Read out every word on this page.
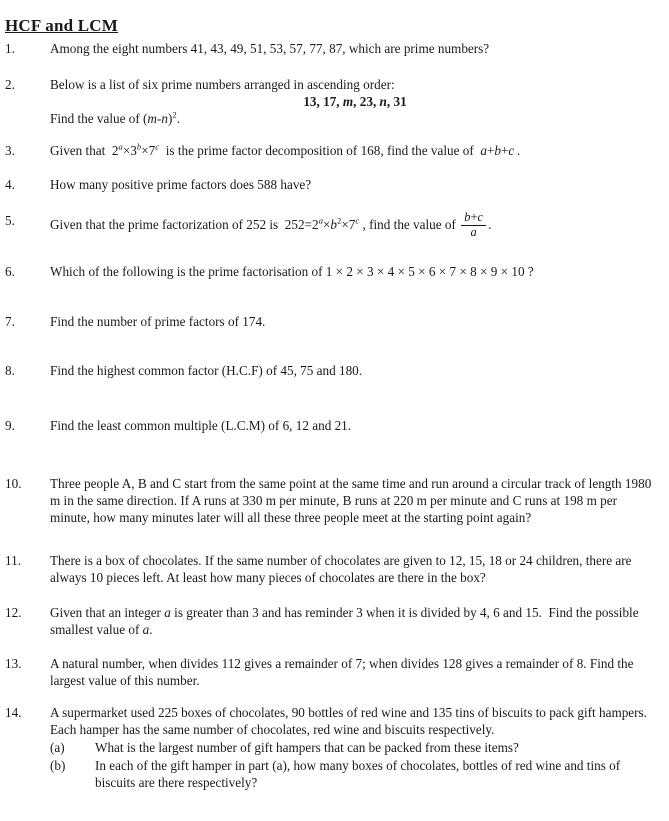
HCF and LCM
1.	Among the eight numbers 41, 43, 49, 51, 53, 57, 77, 87, which are prime numbers?

2.	Below is a list of six prime numbers arranged in ascending order:

13, 17, m, 23, n, 31

Find the value of $(m-n)^2$.

3.	Given that  $2^a\times 3^b\times 7^c$  is the prime factor decomposition of 168, find the value of  a+b+c .

4.	How many positive prime factors does 588 have?

5.	Given that the prime factorization of 252 is  $252=2^a\times b^2\times 7^c$ , find the value of $\frac{b+c}{a}$ .

6.	Which of the following is the prime factorisation of 1 × 2 × 3 × 4 × 5 × 6 × 7 × 8 × 9 × 10 ?

7.	Find the number of prime factors of 174.

8.	Find the highest common factor (H.C.F) of 45, 75 and 180.

9.	Find the least common multiple (L.C.M) of 6, 12 and 21.

10.	Three people A, B and C start from the same point at the same time and run around a circular track of length 1980 m in the same direction. If A runs at 330 m per minute, B runs at 220 m per minute and C runs at 198 m per minute, how many minutes later will all these three people meet at the starting point again?

11.	There is a box of chocolates. If the same number of chocolates are given to 12, 15, 18 or 24 children, there are always 10 pieces left. At least how many pieces of chocolates are there in the box?

12.	Given that an integer a is greater than 3 and has reminder 3 when it is divided by 4, 6 and 15.  Find the possible smallest value of a.

13.	A natural number, when divides 112 gives a remainder of 7; when divides 128 gives a remainder of 8. Find the largest value of this number.

14.	A supermarket used 225 boxes of chocolates, 90 bottles of red wine and 135 tins of biscuits to pack gift hampers. Each hamper has the same number of chocolates, red wine and biscuits respectively.

(a) What is the largest number of gift hampers that can be packed from these items?
(b) In each of the gift hamper in part (a), how many boxes of chocolates, bottles of red wine and tins of biscuits are there respectively?
